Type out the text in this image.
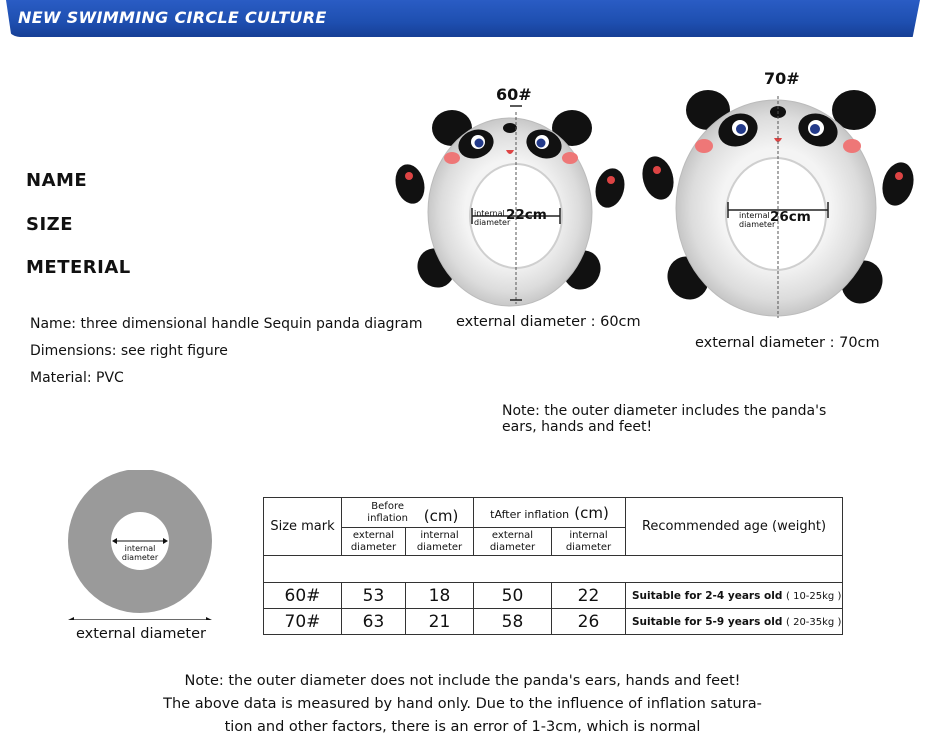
NEW SWIMMING CIRCLE CULTURE
NAME
SIZE
METERIAL
Name: three dimensional handle Sequin panda diagram
Dimensions: see right figure
Material: PVC
60#
internal diameter
22cm
external diameter : 60cm
70#
internal diameter
26cm
external diameter : 70cm
Note: the outer diameter includes the panda's ears, hands and feet!
internal diameter
external diameter
Size mark	Before inflation (cm)		tAfter inflation (cm)		Recommended age (weight)
	external diameter	internal diameter	external diameter	internal diameter	

60#	53	18	50	22	Suitable for 2-4 years old ( 10-25kg )
70#	63	21	58	26	Suitable for 5-9 years old ( 20-35kg )
Note: the outer diameter does not include the panda's ears, hands and feet!
The above data is measured by hand only. Due to the influence of inflation satura-
tion and other factors, there is an error of 1-3cm, which is normal
